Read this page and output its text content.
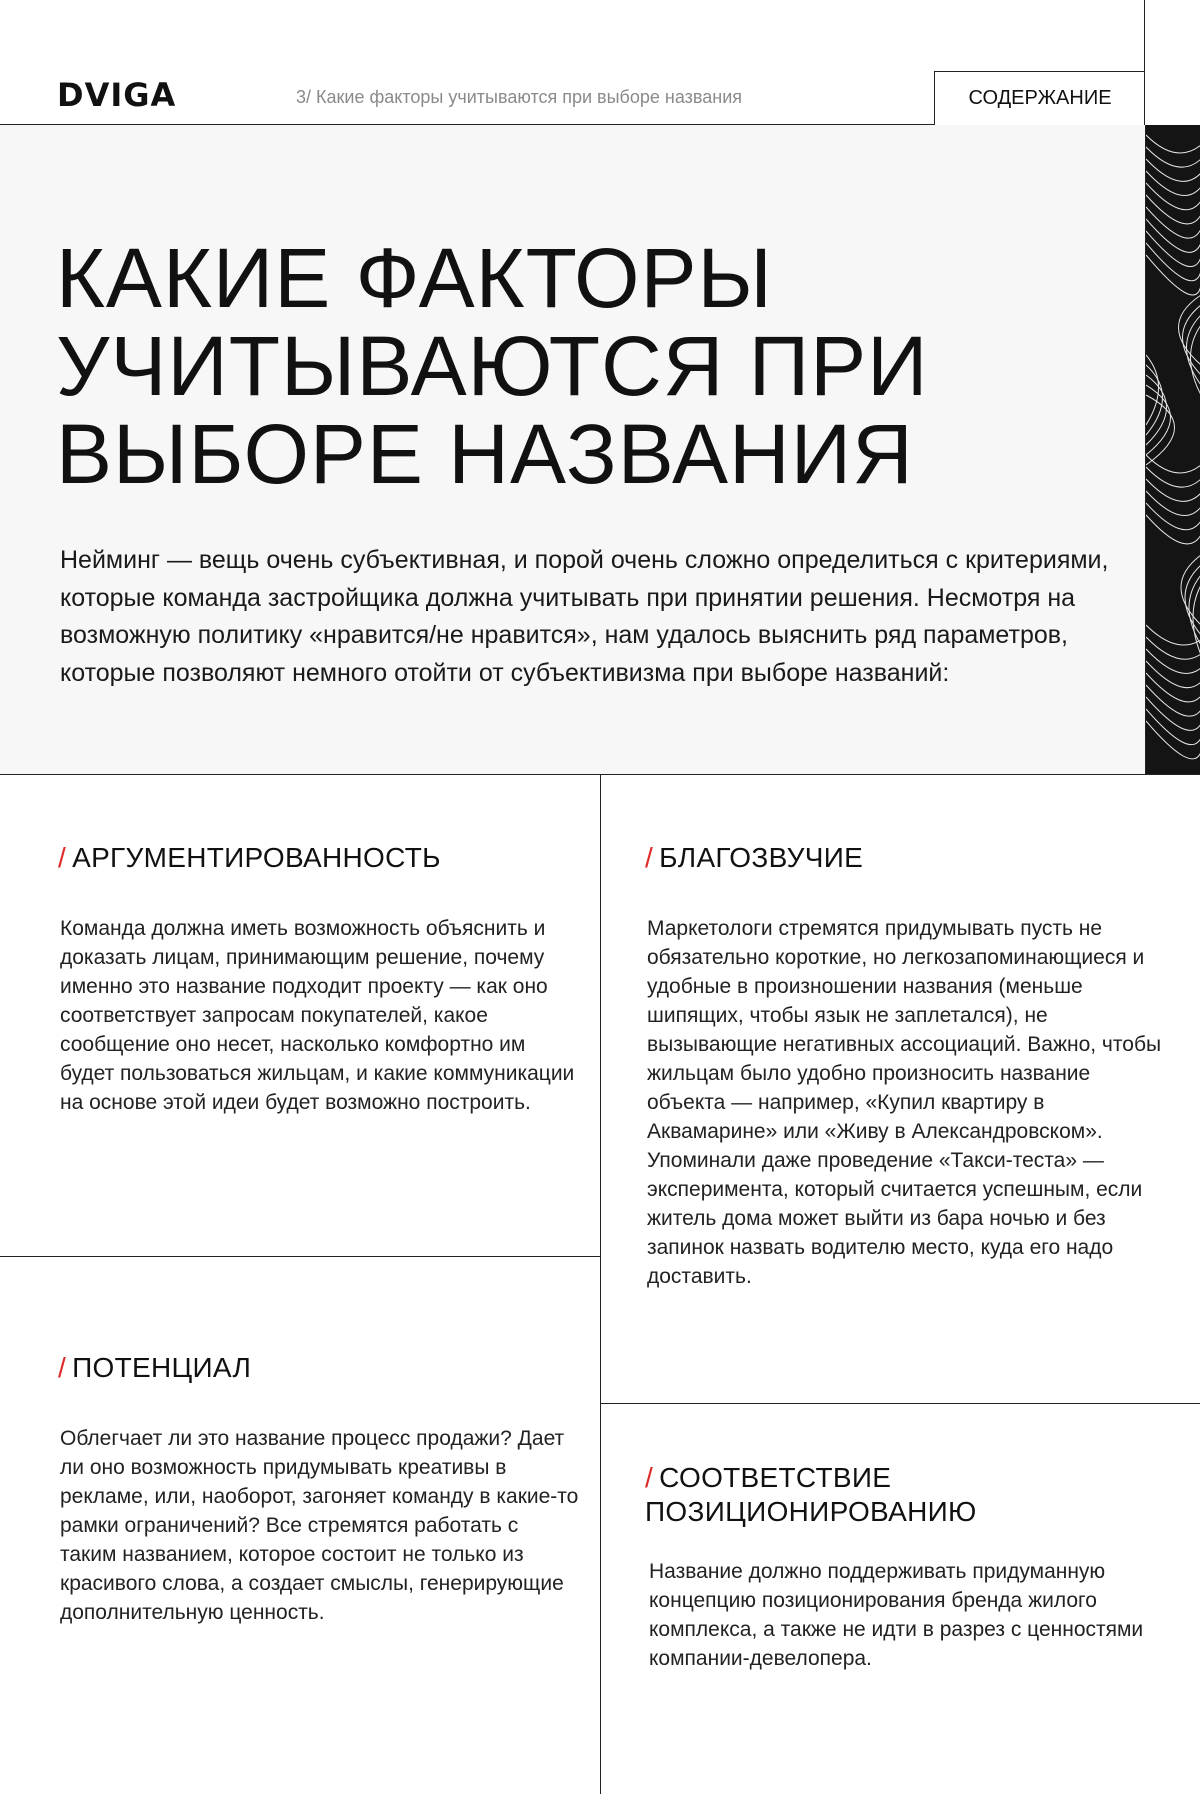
DVIGA	3/ Какие факторы учитываются при выборе названия	СОДЕРЖАНИЕ
КАКИЕ ФАКТОРЫ
УЧИТЫВАЮТСЯ ПРИ
ВЫБОРЕ НАЗВАНИЯ

Нейминг — вещь очень субъективная, и порой очень сложно определиться с критериями, которые команда застройщика должна учитывать при принятии решения. Несмотря на возможную политику «нравится/не нравится», нам удалось выяснить ряд параметров, которые позволяют немного отойти от субъективизма при выборе названий:

/ АРГУМЕНТИРОВАННОСТЬ

Команда должна иметь возможность объяснить и доказать лицам, принимающим решение, почему именно это название подходит проекту — как оно соответствует запросам покупателей, какое сообщение оно несет, насколько комфортно им будет пользоваться жильцам, и какие коммуникации на основе этой идеи будет возможно построить.

/ БЛАГОЗВУЧИЕ

Маркетологи стремятся придумывать пусть не обязательно короткие, но легкозапоминающиеся и удобные в произношении названия (меньше шипящих, чтобы язык не заплетался), не вызывающие негативных ассоциаций. Важно, чтобы жильцам было удобно произносить название объекта — например, «Купил квартиру в Аквамарине» или «Живу в Александровском». Упоминали даже проведение «Такси-теста» — эксперимента, который считается успешным, если житель дома может выйти из бара ночью и без запинок назвать водителю место, куда его надо доставить.

/ ПОТЕНЦИАЛ

Облегчает ли это название процесс продажи? Дает ли оно возможность придумывать креативы в рекламе, или, наоборот, загоняет команду в какие-то рамки ограничений? Все стремятся работать с таким названием, которое состоит не только из красивого слова, а создает смыслы, генерирующие дополнительную ценность.

/ СООТВЕТСТВИЕ ПОЗИЦИОНИРОВАНИЮ

Название должно поддерживать придуманную концепцию позиционирования бренда жилого комплекса, а также не идти в разрез с ценностями компании-девелопера.
